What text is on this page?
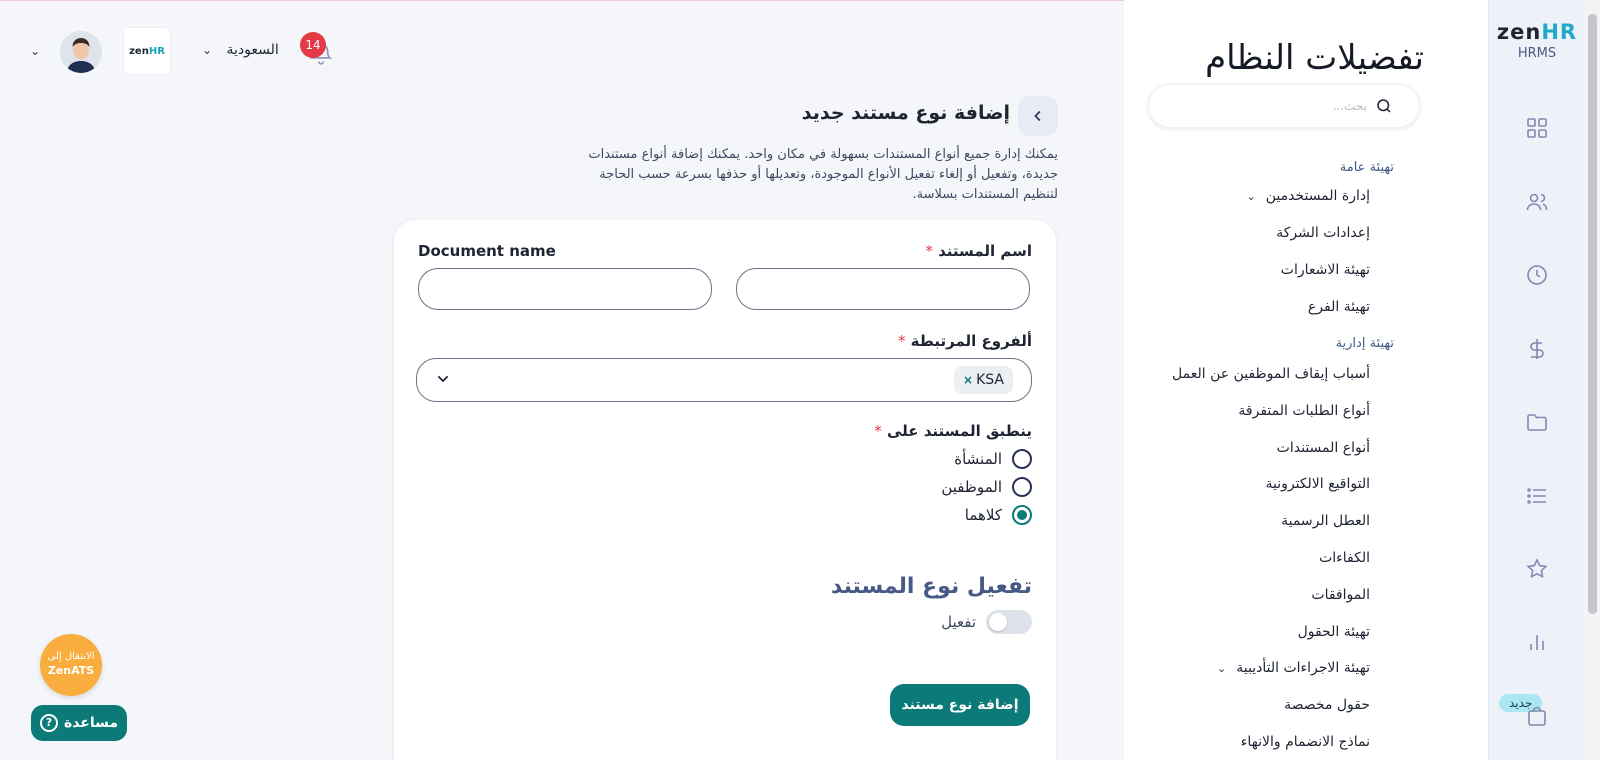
zenHR
HRMS
جديد
تفضيلات النظام
بحث...
تهيئة عامة
إدارة المستخدمين⌄
إعدادات الشركة
تهيئة الاشعارات
تهيئة الفرع
تهيئة إدارية
أسباب إيقاف الموظفين عن العمل
أنواع الطلبات المتفرقة
أنواع المستندات
التواقيع الالكترونية
العطل الرسمية
الكفاءات
الموافقات
تهيئة الحقول
تهيئة الاجراءات التأديبية⌄
حقول مخصصة
نماذج الانضمام والانهاء
⌄	zen HR	السعودية ⌄	14
إضافة نوع مستند جديد

يمكنك إدارة جميع أنواع المستندات بسهولة في مكان واحد. يمكنك إضافة أنواع مستندات جديدة، وتفعيل أو إلغاء تفعيل الأنواع الموجودة، وتعديلها أو حذفها بسرعة حسب الحاجة لتنظيم المستندات بسلاسة.

اسم المستند *
Document name
ألفروع المرتبطة *
KSA×
ينطبق المستند على *
المنشأة
الموظفين
كلاهما
تفعيل نوع المستند
تفعيل
إضافة نوع مستند
الانتقال إلى
ZenATS
مساعدة
?
